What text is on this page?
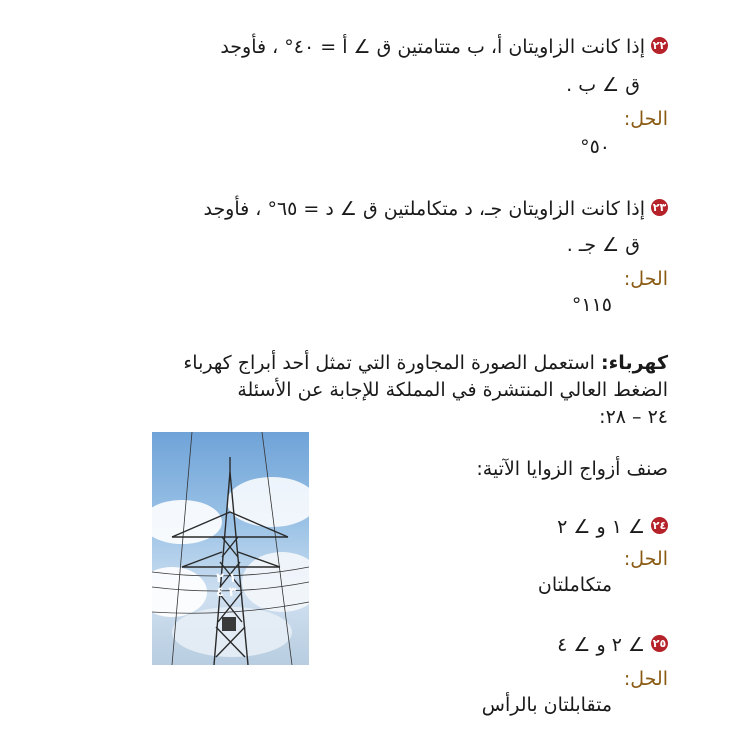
٢٢إذا كانت الزاويتان أ، ب متتامتين ق ∠ أ = ٤٠° ، فأوجد
ق ∠ ب .
الحل:
٥٠°
٢٣إذا كانت الزاويتان جـ، د متكاملتين ق ∠ د = ٦٥° ، فأوجد
ق ∠ جـ .
الحل:
١١٥°
كهرباء: استعمل الصورة المجاورة التي تمثل أحد أبراج كهرباء
الضغط العالي المنتشرة في المملكة للإجابة عن الأسئلة
٢٤ – ٢٨:
١ ٢
٣ ٤
صنف أزواج الزوايا الآتية:
٢٤∠ ١ و ∠ ٢
الحل:
متكاملتان
٢٥∠ ٢ و ∠ ٤
الحل:
متقابلتان بالرأس
